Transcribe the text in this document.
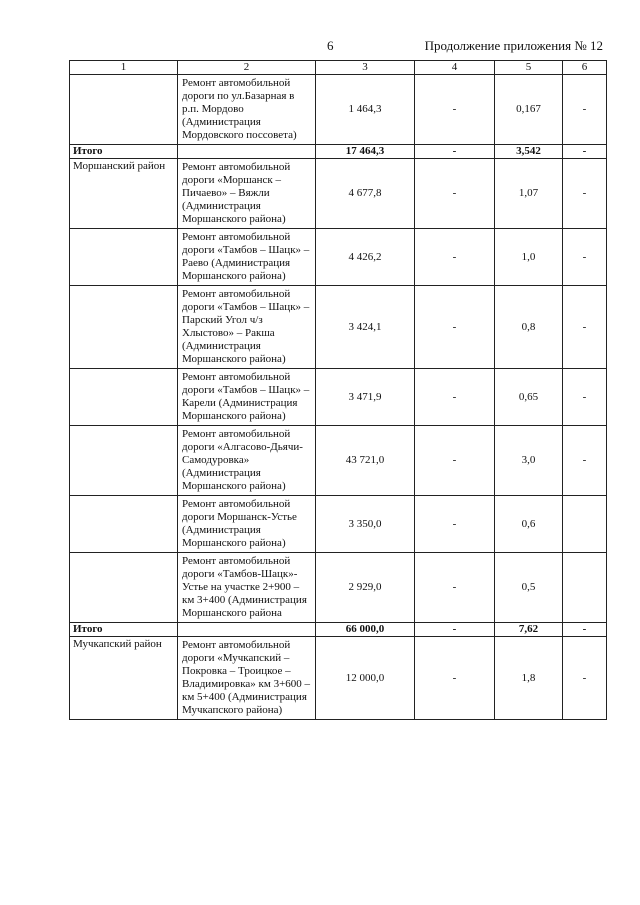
6	Продолжение приложения № 12
1	2	3	4	5	6
	Ремонт автомобильной дороги по ул.Базарная в р.п. Мордово (Администрация Мордовского поссовета)	1 464,3	-	0,167	-
Итого		17 464,3	-	3,542	-
Моршанский район	Ремонт автомобильной дороги «Моршанск – Пичаево» – Вяжли (Администрация Моршанского района)	4 677,8	-	1,07	-
	Ремонт автомобильной дороги «Тамбов – Шацк» – Раево (Администрация Моршанского района)	4 426,2	-	1,0	-
	Ремонт автомобильной дороги «Тамбов – Шацк» – Парский Угол ч/з Хлыстово» – Ракша (Администрация Моршанского района)	3 424,1	-	0,8	-
	Ремонт автомобильной дороги «Тамбов – Шацк» – Карели (Администрация Моршанского района)	3 471,9	-	0,65	-
	Ремонт автомобильной дороги «Алгасово-Дьячи-Самодуровка» (Администрация Моршанского района)	43 721,0	-	3,0	-
	Ремонт автомобильной дороги Моршанск-Устье (Администрация Моршанского района)	3 350,0	-	0,6	
	Ремонт автомобильной дороги «Тамбов-Шацк»-Устье на участке 2+900 – км 3+400 (Администрация Моршанского района	2 929,0	-	0,5	
Итого		66 000,0	-	7,62	-
Мучкапский район	Ремонт автомобильной дороги «Мучкапский – Покровка – Троицкое – Владимировка» км 3+600 – км 5+400 (Администрация Мучкапского района)	12 000,0	-	1,8	-
